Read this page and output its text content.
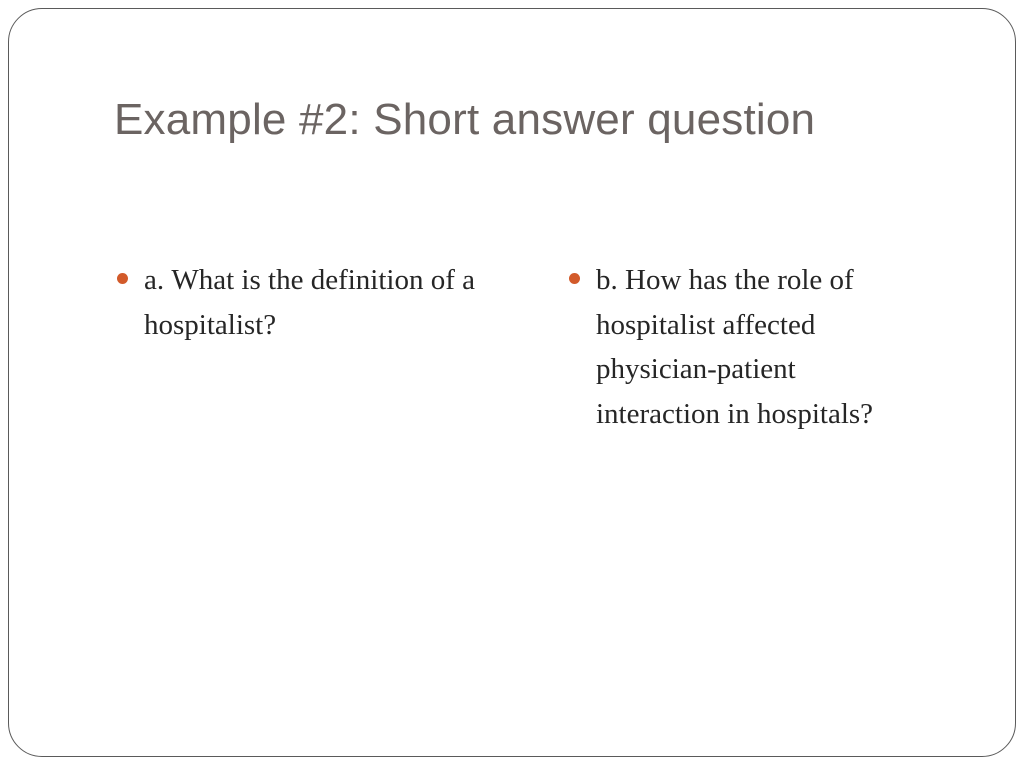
Example #2: Short answer question
a. What is the definition of a hospitalist?
b. How has the role of hospitalist affected physician-patient interaction in hospitals?
